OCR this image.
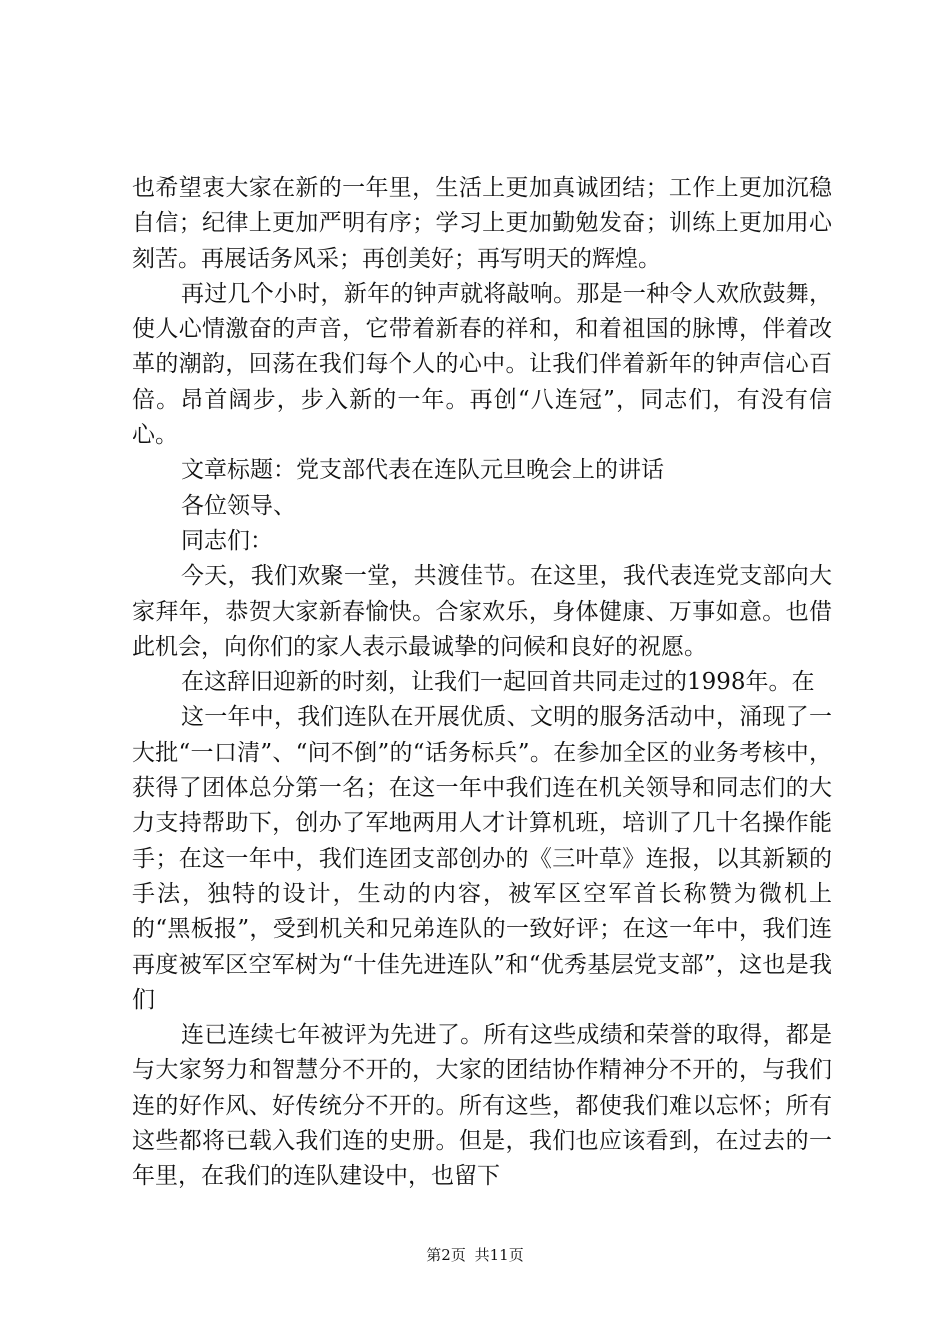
也希望衷大家在新的一年里，生活上更加真诚团结；工作上更加沉稳自信；纪律上更加严明有序；学习上更加勤勉发奋；训练上更加用心刻苦。再展话务风采；再创美好；再写明天的辉煌。

再过几个小时，新年的钟声就将敲响。那是一种令人欢欣鼓舞，使人心情激奋的声音，它带着新春的祥和，和着祖国的脉博，伴着改革的潮韵，回荡在我们每个人的心中。让我们伴着新年的钟声信心百倍。昂首阔步，步入新的一年。再创“八连冠”，同志们，有没有信心。

文章标题：党支部代表在连队元旦晚会上的讲话

各位领导、

同志们：

今天，我们欢聚一堂，共渡佳节。在这里，我代表连党支部向大家拜年，恭贺大家新春愉快。合家欢乐，身体健康、万事如意。也借此机会，向你们的家人表示最诚挚的问候和良好的祝愿。

在这辞旧迎新的时刻，让我们一起回首共同走过的1998年。在

这一年中，我们连队在开展优质、文明的服务活动中，涌现了一大批“一口清”、“问不倒”的“话务标兵”。在参加全区的业务考核中，获得了团体总分第一名；在这一年中我们连在机关领导和同志们的大力支持帮助下，创办了军地两用人才计算机班，培训了几十名操作能手；在这一年中，我们连团支部创办的《三叶草》连报，以其新颖的手法，独特的设计，生动的内容，被军区空军首长称赞为微机上的“黑板报”，受到机关和兄弟连队的一致好评；在这一年中，我们连再度被军区空军树为“十佳先进连队”和“优秀基层党支部”，这也是我们

连已连续七年被评为先进了。所有这些成绩和荣誉的取得，都是与大家努力和智慧分不开的，大家的团结协作精神分不开的，与我们连的好作风、好传统分不开的。所有这些，都使我们难以忘怀；所有这些都将已载入我们连的史册。但是，我们也应该看到，在过去的一年里，在我们的连队建设中，也留下

第2页 共11页
